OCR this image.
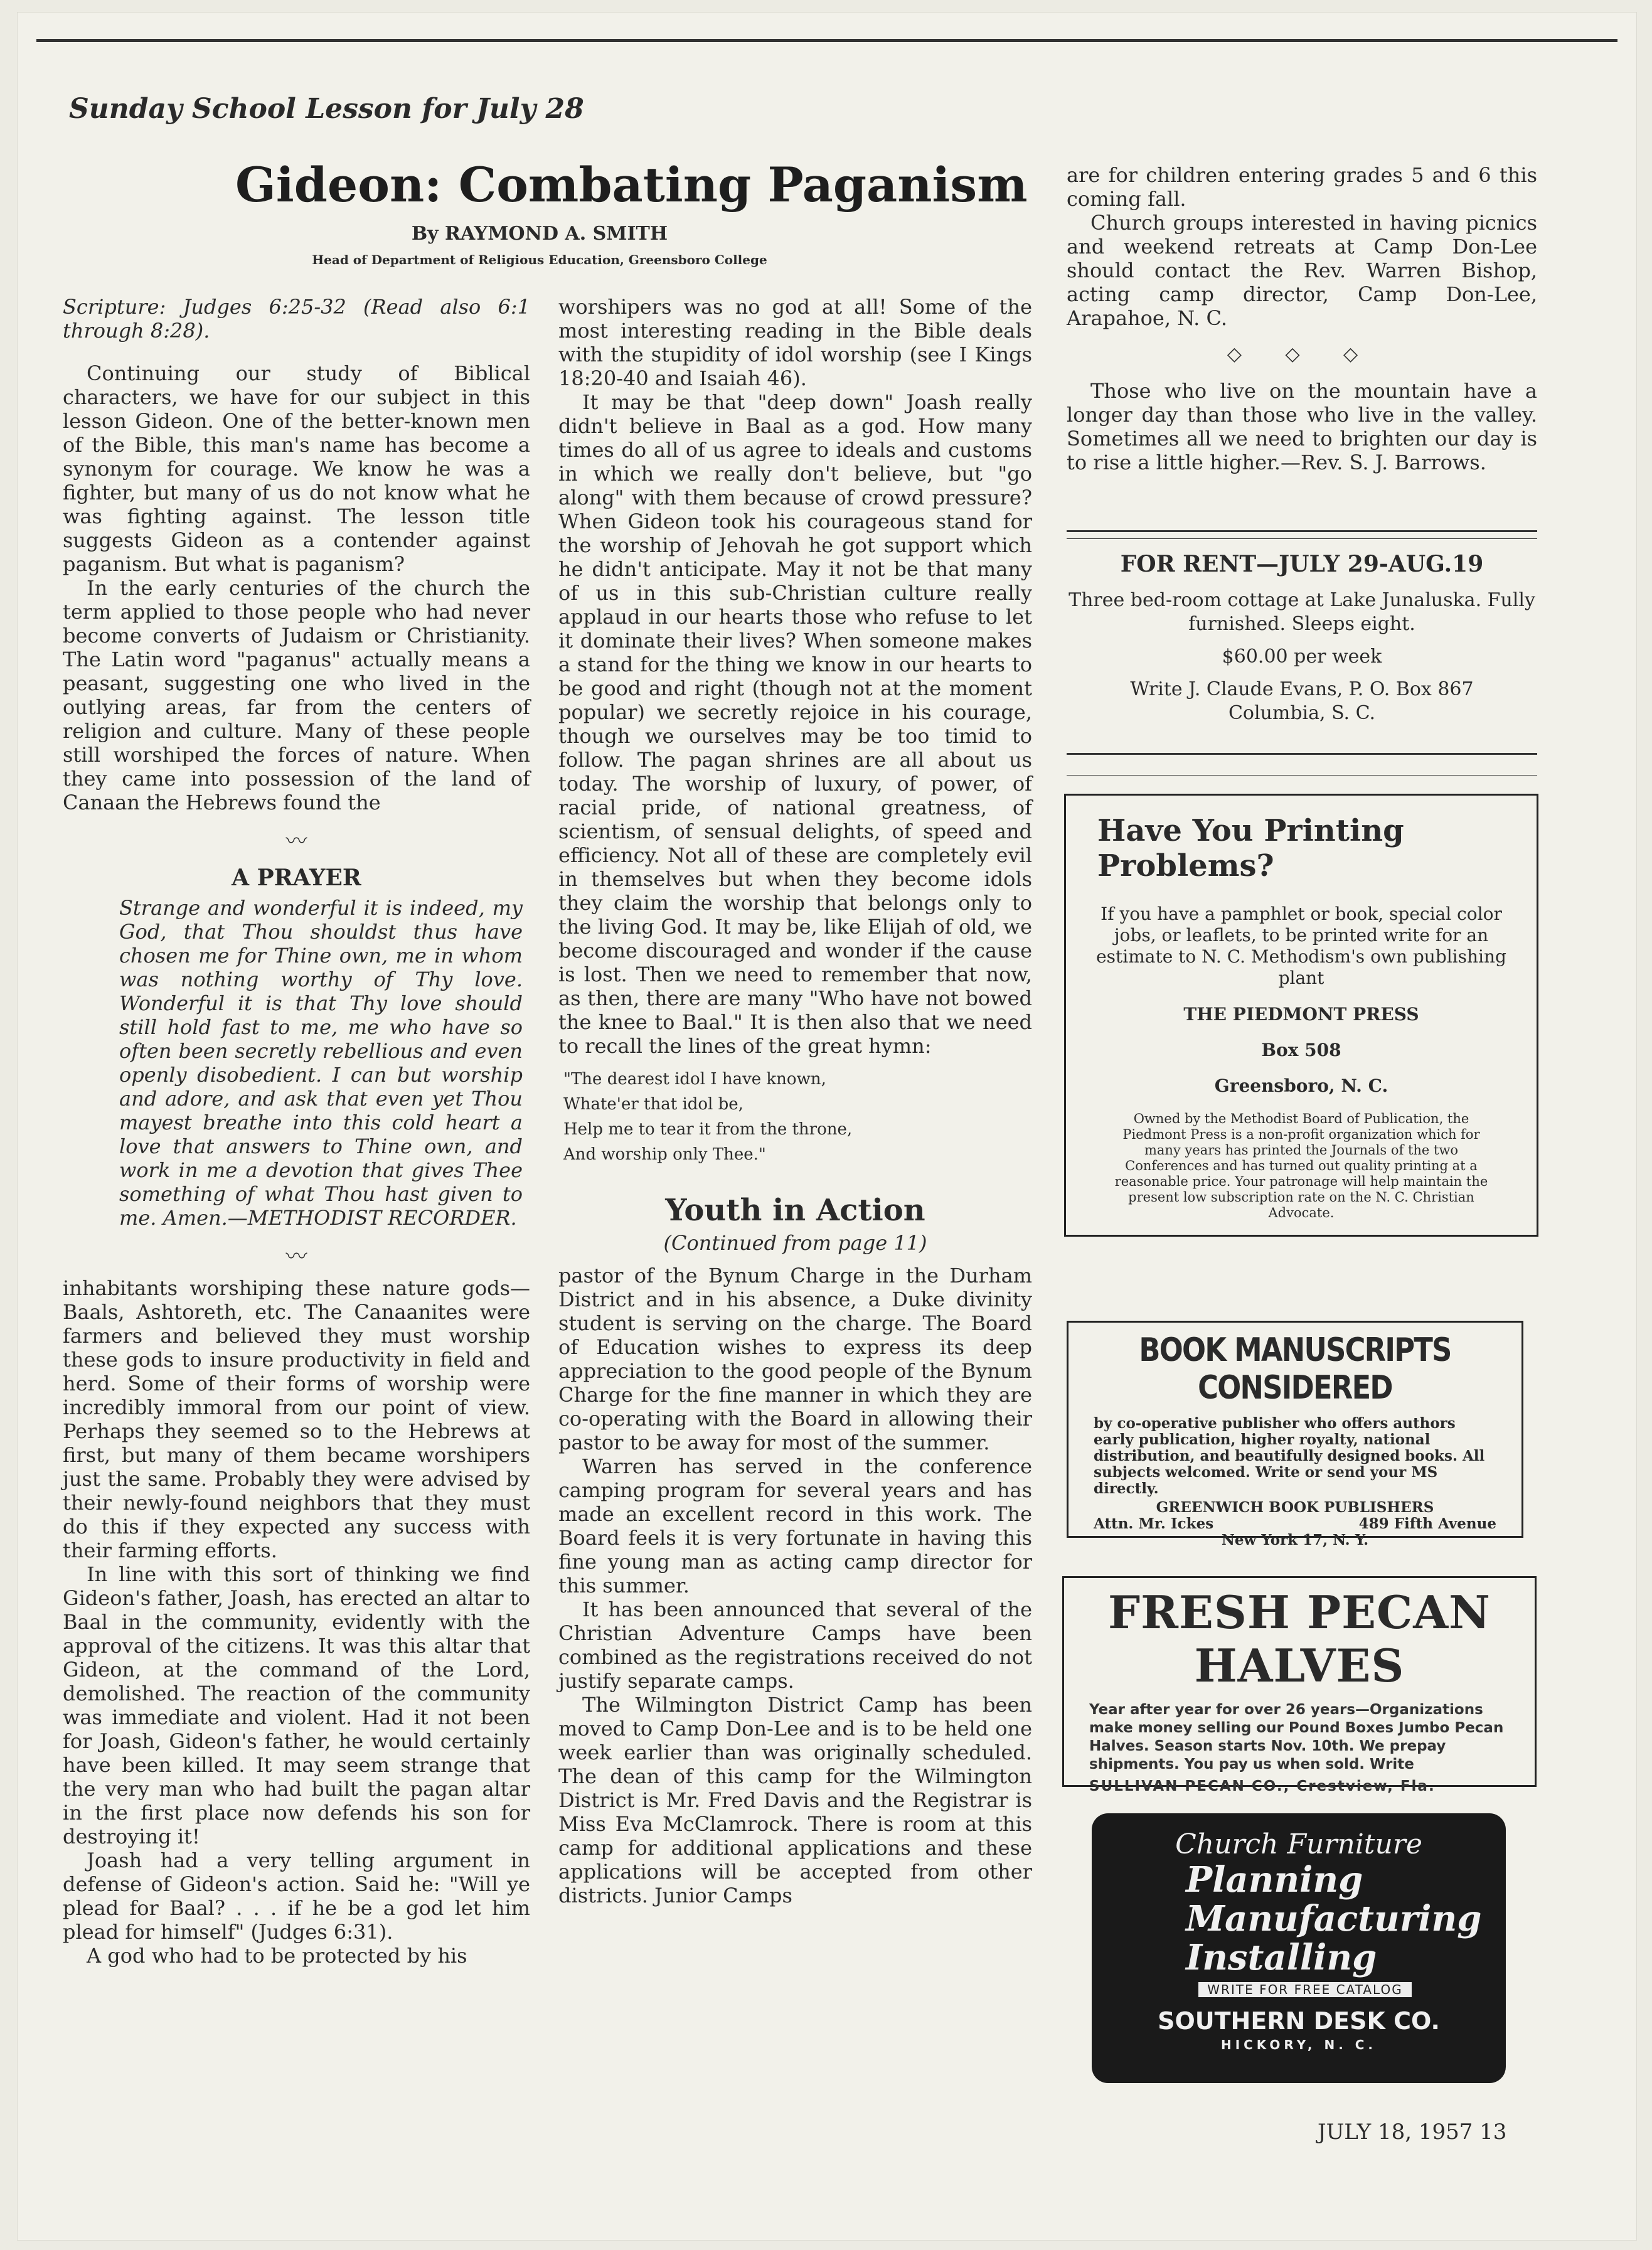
Sunday School Lesson for July 28
Gideon: Combating Paganism
By RAYMOND A. SMITH
Head of Department of Religious Education, Greensboro College

Scripture: Judges 6:25-32 (Read also 6:1 through 8:28).

Continuing our study of Biblical characters, we have for our subject in this lesson Gideon. One of the better-known men of the Bible, this man's name has become a synonym for courage. We know he was a fighter, but many of us do not know what he was fighting against. The lesson title suggests Gideon as a contender against paganism. But what is paganism?

In the early centuries of the church the term applied to those people who had never become converts of Judaism or Christianity. The Latin word "paganus" actually means a peasant, suggesting one who lived in the outlying areas, far from the centers of religion and culture. Many of these people still worshiped the forces of nature. When they came into possession of the land of Canaan the Hebrews found the

〰
A PRAYER

Strange and wonderful it is indeed, my God, that Thou shouldst thus have chosen me for Thine own, me in whom was nothing worthy of Thy love. Wonderful it is that Thy love should still hold fast to me, me who have so often been secretly rebellious and even openly disobedient. I can but worship and adore, and ask that even yet Thou mayest breathe into this cold heart a love that answers to Thine own, and work in me a devotion that gives Thee something of what Thou hast given to me. Amen.—METHODIST RECORDER.

〰

inhabitants worshiping these nature gods—Baals, Ashtoreth, etc. The Canaanites were farmers and believed they must worship these gods to insure productivity in field and herd. Some of their forms of worship were incredibly immoral from our point of view. Perhaps they seemed so to the Hebrews at first, but many of them became worshipers just the same. Probably they were advised by their newly-found neighbors that they must do this if they expected any success with their farming efforts.

In line with this sort of thinking we find Gideon's father, Joash, has erected an altar to Baal in the community, evidently with the approval of the citizens. It was this altar that Gideon, at the command of the Lord, demolished. The reaction of the community was immediate and violent. Had it not been for Joash, Gideon's father, he would certainly have been killed. It may seem strange that the very man who had built the pagan altar in the first place now defends his son for destroying it!

Joash had a very telling argument in defense of Gideon's action. Said he: "Will ye plead for Baal? . . . if he be a god let him plead for himself" (Judges 6:31).

A god who had to be protected by his

worshipers was no god at all! Some of the most interesting reading in the Bible deals with the stupidity of idol worship (see I Kings 18:20-40 and Isaiah 46).

It may be that "deep down" Joash really didn't believe in Baal as a god. How many times do all of us agree to ideals and customs in which we really don't believe, but "go along" with them because of crowd pressure? When Gideon took his courageous stand for the worship of Jehovah he got support which he didn't anticipate. May it not be that many of us in this sub-Christian culture really applaud in our hearts those who refuse to let it dominate their lives? When someone makes a stand for the thing we know in our hearts to be good and right (though not at the moment popular) we secretly rejoice in his courage, though we ourselves may be too timid to follow. The pagan shrines are all about us today. The worship of luxury, of power, of racial pride, of national greatness, of scientism, of sensual delights, of speed and efficiency. Not all of these are completely evil in themselves but when they become idols they claim the worship that belongs only to the living God. It may be, like Elijah of old, we become discouraged and wonder if the cause is lost. Then we need to remember that now, as then, there are many "Who have not bowed the knee to Baal." It is then also that we need to recall the lines of the great hymn:

"The dearest idol I have known,
Whate'er that idol be,
Help me to tear it from the throne,
And worship only Thee."
Youth in Action
(Continued from page 11)

pastor of the Bynum Charge in the Durham District and in his absence, a Duke divinity student is serving on the charge. The Board of Education wishes to express its deep appreciation to the good people of the Bynum Charge for the fine manner in which they are co-operating with the Board in allowing their pastor to be away for most of the summer.

Warren has served in the conference camping program for several years and has made an excellent record in this work. The Board feels it is very fortunate in having this fine young man as acting camp director for this summer.

It has been announced that several of the Christian Adventure Camps have been combined as the registrations received do not justify separate camps.

The Wilmington District Camp has been moved to Camp Don-Lee and is to be held one week earlier than was originally scheduled. The dean of this camp for the Wilmington District is Mr. Fred Davis and the Registrar is Miss Eva McClamrock. There is room at this camp for additional applications and these applications will be accepted from other districts. Junior Camps

are for children entering grades 5 and 6 this coming fall.

Church groups interested in having picnics and weekend retreats at Camp Don-Lee should contact the Rev. Warren Bishop, acting camp director, Camp Don-Lee, Arapahoe, N. C.

◇ ◇ ◇

Those who live on the mountain have a longer day than those who live in the valley. Sometimes all we need to brighten our day is to rise a little higher.—Rev. S. J. Barrows.

FOR RENT—JULY 29-AUG.19
Three bed-room cottage at Lake Junaluska. Fully furnished. Sleeps eight.
$60.00 per week
Write J. Claude Evans, P. O. Box 867
Columbia, S. C.
Have You Printing Problems?
If you have a pamphlet or book, special color jobs, or leaflets, to be printed write for an estimate to N. C. Methodism's own publishing plant
THE PIEDMONT PRESS
Box 508
Greensboro, N. C.
Owned by the Methodist Board of Publication, the Piedmont Press is a non-profit organization which for many years has printed the Journals of the two Conferences and has turned out quality printing at a reasonable price. Your patronage will help maintain the present low subscription rate on the N. C. Christian Advocate.
BOOK MANUSCRIPTS CONSIDERED
by co-operative publisher who offers authors early publication, higher royalty, national distribution, and beautifully designed books. All subjects welcomed. Write or send your MS directly.
GREENWICH BOOK PUBLISHERS
Attn. Mr. Ickes	489 Fifth Avenue
New York 17, N. Y.
FRESH PECAN HALVES
Year after year for over 26 years—Organizations make money selling our Pound Boxes Jumbo Pecan Halves. Season starts Nov. 10th. We prepay shipments. You pay us when sold. Write
SULLIVAN PECAN CO., Crestview, Fla.
Church Furniture
Planning
Manufacturing
Installing
WRITE FOR FREE CATALOG
SOUTHERN DESK CO.
HICKORY, N. C.
JULY 18, 1957 13
